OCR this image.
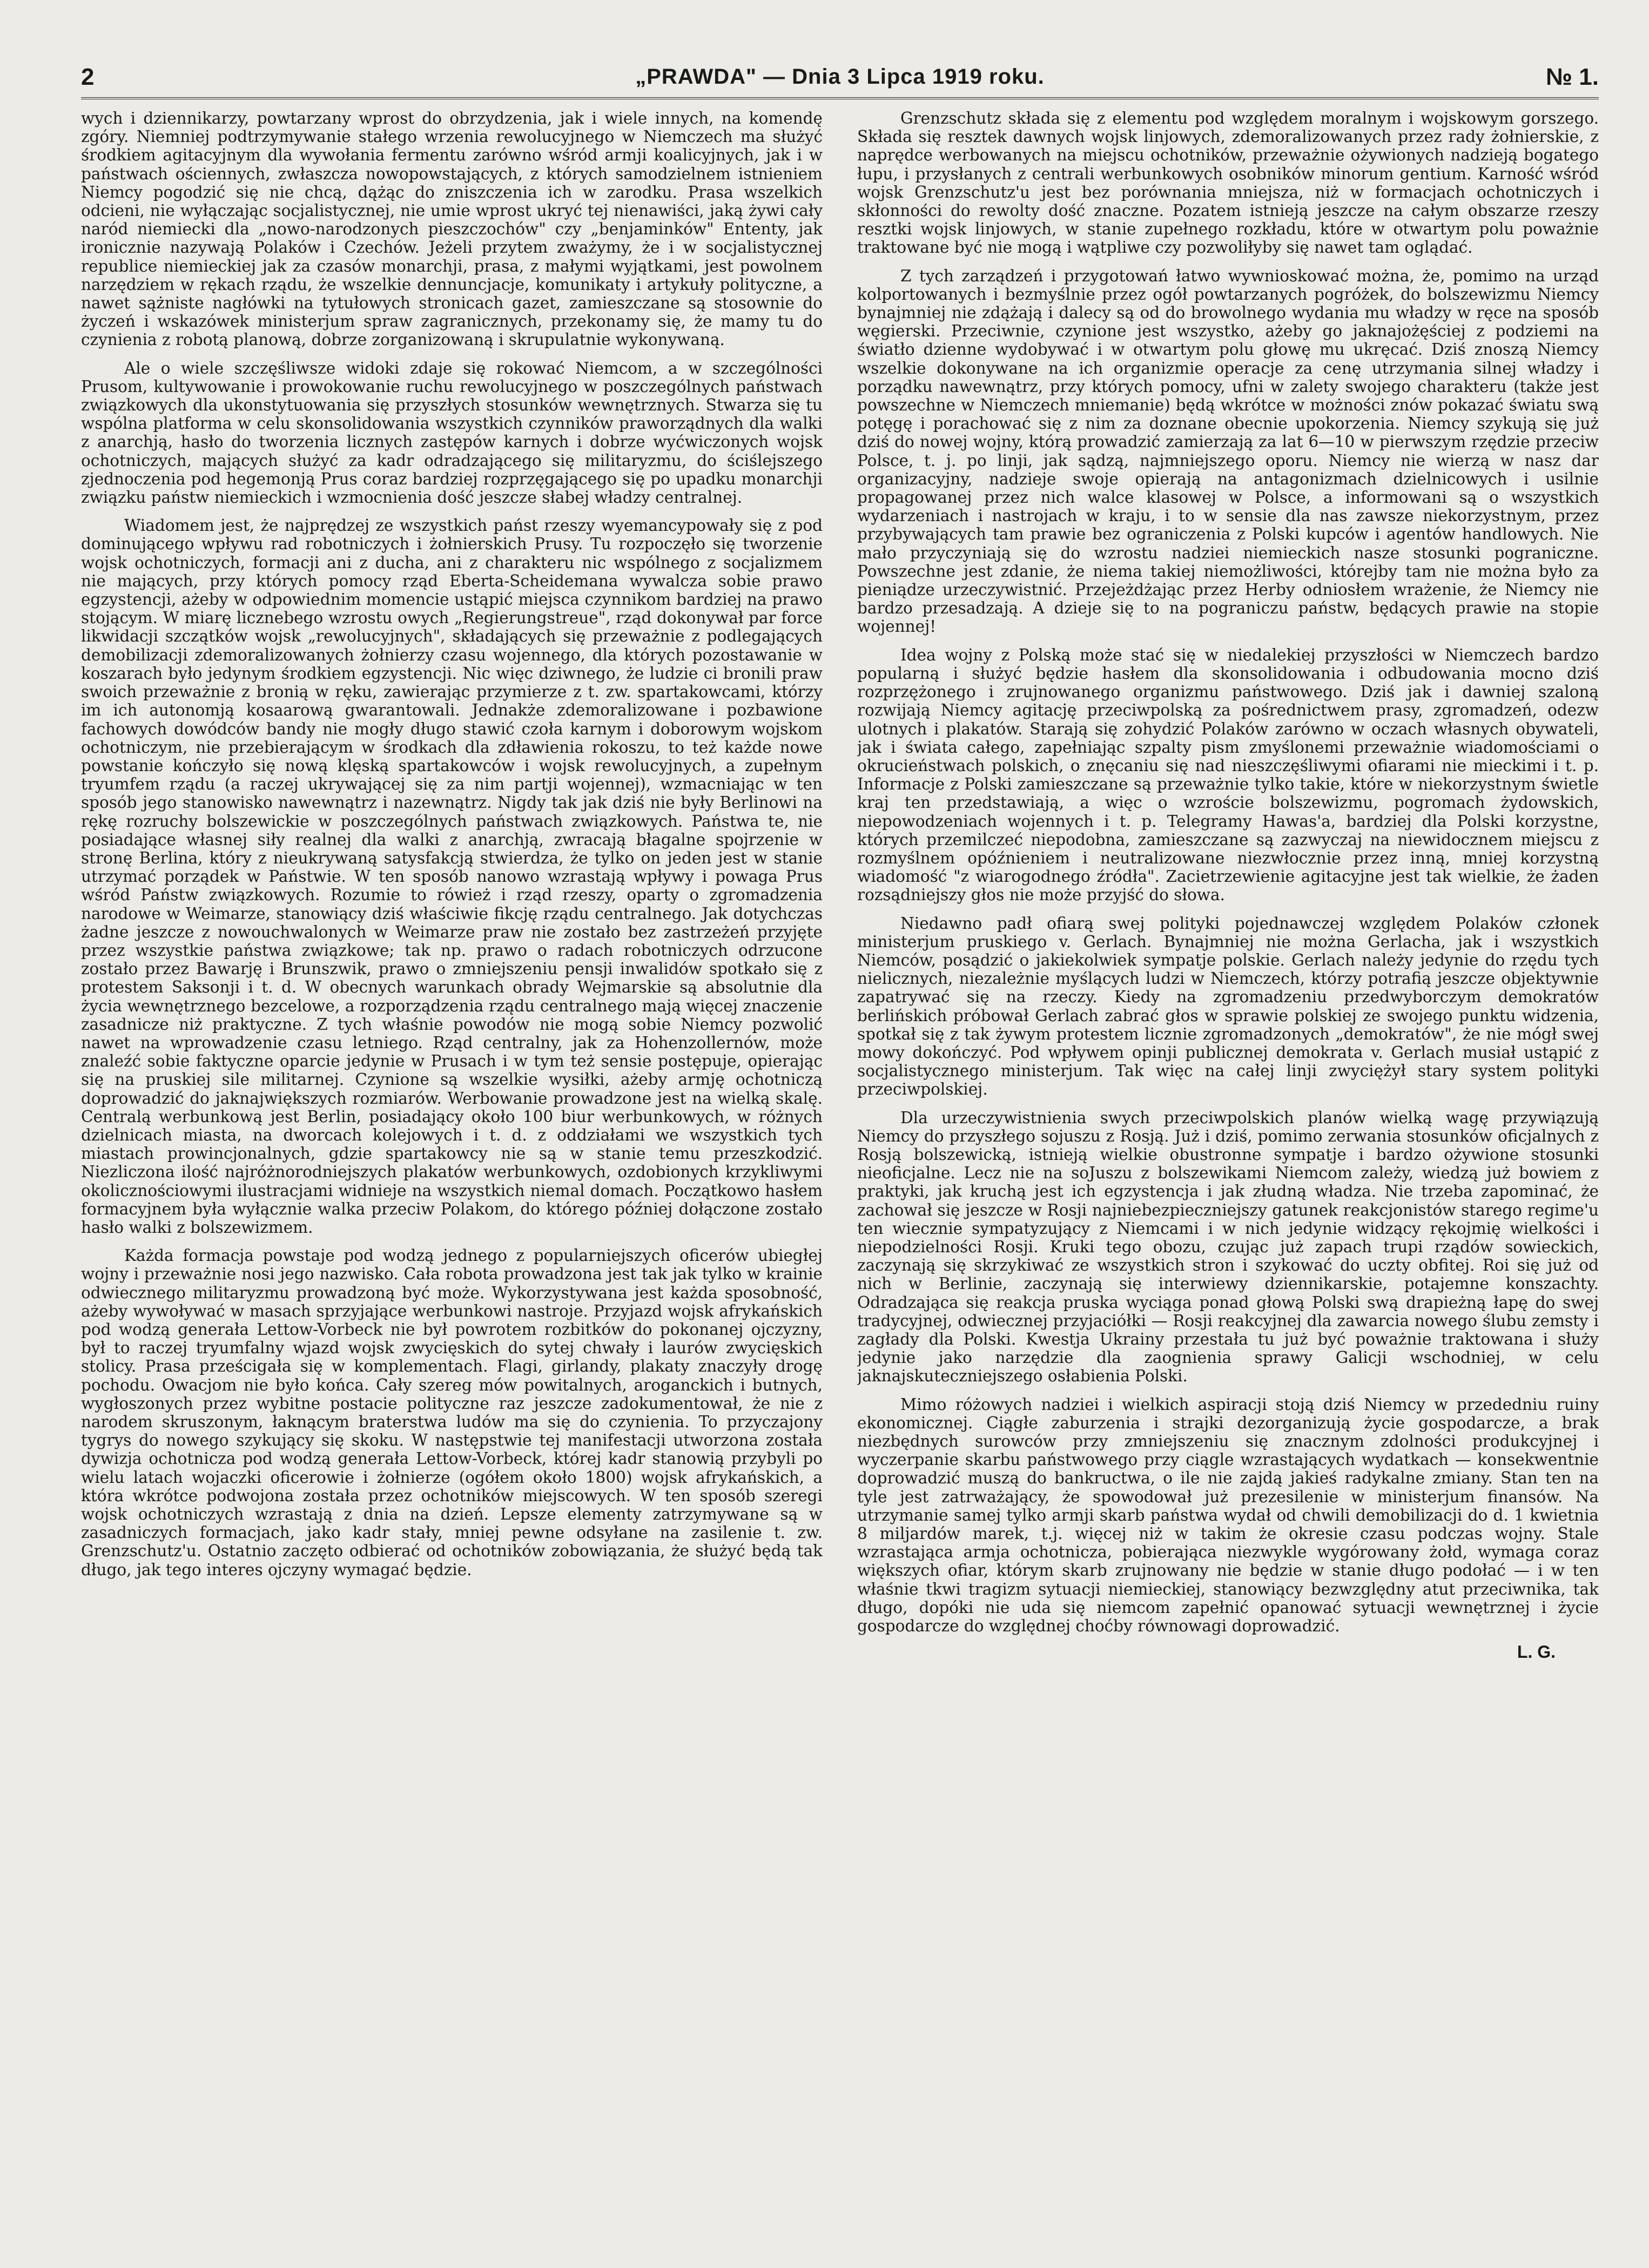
2	„PRAWDA" — Dnia 3 Lipca 1919 roku.	№ 1.

wych i dziennikarzy, powtarzany wprost do obrzydzenia, jak i wiele innych, na komendę zgóry. Niemniej podtrzymywanie stałego wrzenia rewolucyjnego w Niemczech ma służyć środkiem agitacyjnym dla wywołania fermentu zarówno wśród armji koalicyjnych, jak i w państwach ościennych, zwłaszcza nowopowstających, z których samodzielnem istnieniem Niemcy pogodzić się nie chcą, dążąc do zniszczenia ich w zarodku. Prasa wszelkich odcieni, nie wyłączając socjalistycznej, nie umie wprost ukryć tej nienawiści, jaką żywi cały naród niemiecki dla „nowo-narodzonych pieszczochów" czy „benjaminków" Ententy, jak ironicznie nazywają Polaków i Czechów. Jeżeli przytem zważymy, że i w socjalistycznej republice niemieckiej jak za czasów monarchji, prasa, z małymi wyjątkami, jest powolnem narzędziem w rękach rządu, że wszelkie dennuncjacje, komunikaty i artykuły polityczne, a nawet sążniste nagłówki na tytułowych stronicach gazet, zamieszczane są stosownie do życzeń i wskazówek ministerjum spraw zagranicznych, przekonamy się, że mamy tu do czynienia z robotą planową, dobrze zorganizowaną i skrupulatnie wykonywaną.

Ale o wiele szczęśliwsze widoki zdaje się rokować Niemcom, a w szczególności Prusom, kultywowanie i prowokowanie ruchu rewolucyjnego w poszczególnych państwach związkowych dla ukonstytuowania się przyszłych stosunków wewnętrznych. Stwarza się tu wspólna platforma w celu skonsolidowania wszystkich czynników praworządnych dla walki z anarchją, hasło do tworzenia licznych zastępów karnych i dobrze wyćwiczonych wojsk ochotniczych, mających służyć za kadr odradzającego się militaryzmu, do ściślejszego zjednoczenia pod hegemonją Prus coraz bardziej rozprzęgającego się po upadku monarchji związku państw niemieckich i wzmocnienia dość jeszcze słabej władzy centralnej.

Wiadomem jest, że najprędzej ze wszystkich państ rzeszy wyemancypowały się z pod dominującego wpływu rad robotniczych i żołnierskich Prusy. Tu rozpoczęło się tworzenie wojsk ochotniczych, formacji ani z ducha, ani z charakteru nic wspólnego z socjalizmem nie mających, przy których pomocy rząd Eberta-Scheidemana wywalcza sobie prawo egzystencji, ażeby w odpowiednim momencie ustąpić miejsca czynnikom bardziej na prawo stojącym. W miarę licznebego wzrostu owych „Regierungstreue", rząd dokonywał par force likwidacji szczątków wojsk „rewolucyjnych", składających się przeważnie z podlegających demobilizacji zdemoralizowanych żołnierzy czasu wojennego, dla których pozostawanie w koszarach było jedynym środkiem egzystencji. Nic więc dziwnego, że ludzie ci bronili praw swoich przeważnie z bronią w ręku, zawierając przymierze z t. zw. spartakowcami, którzy im ich autonomją kosaarową gwarantowali. Jednakże zdemoralizowane i pozbawione fachowych dowódców bandy nie mogły długo stawić czoła karnym i doborowym wojskom ochotniczym, nie przebierającym w środkach dla zdławienia rokoszu, to też każde nowe powstanie kończyło się nową klęską spartakowców i wojsk rewolucyjnych, a zupełnym tryumfem rządu (a raczej ukrywającej się za nim partji wojennej), wzmacniając w ten sposób jego stanowisko nawewnątrz i nazewnątrz. Nigdy tak jak dziś nie były Berlinowi na rękę rozruchy bolszewickie w poszczególnych państwach związkowych. Państwa te, nie posiadające własnej siły realnej dla walki z anarchją, zwracają błagalne spojrzenie w stronę Berlina, który z nieukrywaną satysfakcją stwierdza, że tylko on jeden jest w stanie utrzymać porządek w Państwie. W ten sposób nanowo wzrastają wpływy i powaga Prus wśród Państw związkowych. Rozumie to rówież i rząd rzeszy, oparty o zgromadzenia narodowe w Weimarze, stanowiący dziś właściwie fikcję rządu centralnego. Jak dotychczas żadne jeszcze z nowouchwalonych w Weimarze praw nie zostało bez zastrzeżeń przyjęte przez wszystkie państwa związkowe; tak np. prawo o radach robotniczych odrzucone zostało przez Bawarję i Brunszwik, prawo o zmniejszeniu pensji inwalidów spotkało się z protestem Saksonji i t. d. W obecnych warunkach obrady Wejmarskie są absolutnie dla życia wewnętrznego bezcelowe, a rozporządzenia rządu centralnego mają więcej znaczenie zasadnicze niż praktyczne. Z tych właśnie powodów nie mogą sobie Niemcy pozwolić nawet na wprowadzenie czasu letniego. Rząd centralny, jak za Hohenzollernów, może znaleźć sobie faktyczne oparcie jedynie w Prusach i w tym też sensie postępuje, opierając się na pruskiej sile militarnej. Czynione są wszelkie wysiłki, ażeby armję ochotniczą doprowadzić do jaknajwiększych rozmiarów. Werbowanie prowadzone jest na wielką skalę. Centralą werbunkową jest Berlin, posiadający około 100 biur werbunkowych, w różnych dzielnicach miasta, na dworcach kolejowych i t. d. z oddziałami we wszystkich tych miastach prowincjonalnych, gdzie spartakowcy nie są w stanie temu przeszkodzić. Niezliczona ilość najróżnorodniejszych plakatów werbunkowych, ozdobionych krzykliwymi okolicznościowymi ilustracjami widnieje na wszystkich niemal domach. Początkowo hasłem formacyjnem była wyłącznie walka przeciw Polakom, do którego później dołączone zostało hasło walki z bolszewizmem.

Każda formacja powstaje pod wodzą jednego z popularniejszych oficerów ubiegłej wojny i przeważnie nosi jego nazwisko. Cała robota prowadzona jest tak jak tylko w krainie odwiecznego militaryzmu prowadzoną być może. Wykorzystywana jest każda sposobność, ażeby wywoływać w masach sprzyjające werbunkowi nastroje. Przyjazd wojsk afrykańskich pod wodzą generała Lettow-Vorbeck nie był powrotem rozbitków do pokonanej ojczyzny, był to raczej tryumfalny wjazd wojsk zwycięskich do sytej chwały i laurów zwycięskich stolicy. Prasa prześcigała się w komplementach. Flagi, girlandy, plakaty znaczyły drogę pochodu. Owacjom nie było końca. Cały szereg mów powitalnych, aroganckich i butnych, wygłoszonych przez wybitne postacie polityczne raz jeszcze zadokumentował, że nie z narodem skruszonym, łaknącym braterstwa ludów ma się do czynienia. To przyczajony tygrys do nowego szykujący się skoku. W następstwie tej manifestacji utworzona została dywizja ochotnicza pod wodzą generała Lettow-Vorbeck, której kadr stanowią przybyli po wielu latach wojaczki oficerowie i żołnierze (ogółem około 1800) wojsk afrykańskich, a która wkrótce podwojona została przez ochotników miejscowych. W ten sposób szeregi wojsk ochotniczych wzrastają z dnia na dzień. Lepsze elementy zatrzymywane są w zasadniczych formacjach, jako kadr stały, mniej pewne odsyłane na zasilenie t. zw. Grenzschutz'u. Ostatnio zaczęto odbierać od ochotników zobowiązania, że służyć będą tak długo, jak tego interes ojczyny wymagać będzie.

Grenzschutz składa się z elementu pod względem moralnym i wojskowym gorszego. Składa się resztek dawnych wojsk linjowych, zdemoralizowanych przez rady żołnierskie, z naprędce werbowanych na miejscu ochotników, przeważnie ożywionych nadzieją bogatego łupu, i przysłanych z centrali werbunkowych osobników minorum gentium. Karność wśród wojsk Grenzschutz'u jest bez porównania mniejsza, niż w formacjach ochotniczych i skłonności do rewolty dość znaczne. Pozatem istnieją jeszcze na całym obszarze rzeszy resztki wojsk linjowych, w stanie zupełnego rozkładu, które w otwartym polu poważnie traktowane być nie mogą i wątpliwe czy pozwoliłyby się nawet tam oglądać.

Z tych zarządzeń i przygotowań łatwo wywnioskować można, że, pomimo na urząd kolportowanych i bezmyślnie przez ogół powtarzanych pogróżek, do bolszewizmu Niemcy bynajmniej nie zdążają i dalecy są od do browolnego wydania mu władzy w ręce na sposób węgierski. Przeciwnie, czynione jest wszystko, ażeby go jaknajożęściej z podziemi na światło dzienne wydobywać i w otwartym polu głowę mu ukręcać. Dziś znoszą Niemcy wszelkie dokonywane na ich organizmie operacje za cenę utrzymania silnej władzy i porządku nawewnątrz, przy których pomocy, ufni w zalety swojego charakteru (także jest powszechne w Niemczech mniemanie) będą wkrótce w możności znów pokazać światu swą potęgę i porachować się z nim za doznane obecnie upokorzenia. Niemcy szykują się już dziś do nowej wojny, którą prowadzić zamierzają za lat 6—10 w pierwszym rzędzie przeciw Polsce, t. j. po linji, jak sądzą, najmniejszego oporu. Niemcy nie wierzą w nasz dar organizacyjny, nadzieje swoje opierają na antagonizmach dzielnicowych i usilnie propagowanej przez nich walce klasowej w Polsce, a informowani są o wszystkich wydarzeniach i nastrojach w kraju, i to w sensie dla nas zawsze niekorzystnym, przez przybywających tam prawie bez ograniczenia z Polski kupców i agentów handlowych. Nie mało przyczyniają się do wzrostu nadziei niemieckich nasze stosunki pograniczne. Powszechne jest zdanie, że niema takiej niemożliwości, którejby tam nie można było za pieniądze urzeczywistnić. Przejeżdżając przez Herby odniosłem wrażenie, że Niemcy nie bardzo przesadzają. A dzieje się to na pograniczu państw, będących prawie na stopie wojennej!

Idea wojny z Polską może stać się w niedalekiej przyszłości w Niemczech bardzo popularną i służyć będzie hasłem dla skonsolidowania i odbudowania mocno dziś rozprzężonego i zrujnowanego organizmu państwowego. Dziś jak i dawniej szaloną rozwijają Niemcy agitację przeciwpolską za pośrednictwem prasy, zgromadzeń, odezw ulotnych i plakatów. Starają się zohydzić Polaków zarówno w oczach własnych obywateli, jak i świata całego, zapełniając szpalty pism zmyślonemi przeważnie wiadomościami o okrucieństwach polskich, o znęcaniu się nad nieszczęśliwymi ofiarami nie mieckimi i t. p. Informacje z Polski zamieszczane są przeważnie tylko takie, które w niekorzystnym świetle kraj ten przedstawiają, a więc o wzroście bolszewizmu, pogromach żydowskich, niepowodzeniach wojennych i t. p. Telegramy Hawas'a, bardziej dla Polski korzystne, których przemilczeć niepodobna, zamieszczane są zazwyczaj na niewidocznem miejscu z rozmyślnem opóźnieniem i neutralizowane niezwłocznie przez inną, mniej korzystną wiadomość "z wiarogodnego źródła". Zacietrzewienie agitacyjne jest tak wielkie, że żaden rozsądniejszy głos nie może przyjść do słowa.

Niedawno padł ofiarą swej polityki pojednawczej względem Polaków członek ministerjum pruskiego v. Gerlach. Bynajmniej nie można Gerlacha, jak i wszystkich Niemców, posądzić o jakiekolwiek sympatje polskie. Gerlach należy jedynie do rzędu tych nielicznych, niezależnie myślących ludzi w Niemczech, którzy potrafią jeszcze objektywnie zapatrywać się na rzeczy. Kiedy na zgromadzeniu przedwyborczym demokratów berlińskich próbował Gerlach zabrać głos w sprawie polskiej ze swojego punktu widzenia, spotkał się z tak żywym protestem licznie zgromadzonych „demokratów", że nie mógł swej mowy dokończyć. Pod wpływem opinji publicznej demokrata v. Gerlach musiał ustąpić z socjalistycznego ministerjum. Tak więc na całej linji zwyciężył stary system polityki przeciwpolskiej.

Dla urzeczywistnienia swych przeciwpolskich planów wielką wagę przywiązują Niemcy do przyszłego sojuszu z Rosją. Już i dziś, pomimo zerwania stosunków oficjalnych z Rosją bolszewicką, istnieją wielkie obustronne sympatje i bardzo ożywione stosunki nieoficjalne. Lecz nie na soJuszu z bolszewikami Niemcom zależy, wiedzą już bowiem z praktyki, jak kruchą jest ich egzystencja i jak złudną władza. Nie trzeba zapominać, że zachował się jeszcze w Rosji najniebezpieczniejszy gatunek reakcjonistów starego regime'u ten wiecznie sympatyzujący z Niemcami i w nich jedynie widzący rękojmię wielkości i niepodzielności Rosji. Kruki tego obozu, czując już zapach trupi rządów sowieckich, zaczynają się skrzykiwać ze wszystkich stron i szykować do uczty obfitej. Roi się już od nich w Berlinie, zaczynają się interwiewy dziennikarskie, potajemne konszachty. Odradzająca się reakcja pruska wyciąga ponad głową Polski swą drapieżną łapę do swej tradycyjnej, odwiecznej przyjaciółki — Rosji reakcyjnej dla zawarcia nowego ślubu zemsty i zagłady dla Polski. Kwestja Ukrainy przestała tu już być poważnie traktowana i służy jedynie jako narzędzie dla zaognienia sprawy Galicji wschodniej, w celu jaknajskuteczniejszego osłabienia Polski.

Mimo różowych nadziei i wielkich aspiracji stoją dziś Niemcy w przededniu ruiny ekonomicznej. Ciągłe zaburzenia i strajki dezorganizują życie gospodarcze, a brak niezbędnych surowców przy zmniejszeniu się znacznym zdolności produkcyjnej i wyczerpanie skarbu państwowego przy ciągle wzrastających wydatkach — konsekwentnie doprowadzić muszą do bankructwa, o ile nie zajdą jakieś radykalne zmiany. Stan ten na tyle jest zatrważający, że spowodował już prezesilenie w ministerjum finansów. Na utrzymanie samej tylko armji skarb państwa wydał od chwili demobilizacji do d. 1 kwietnia 8 miljardów marek, t.j. więcej niż w takim że okresie czasu podczas wojny. Stale wzrastająca armja ochotnicza, pobierająca niezwykle wygórowany żołd, wymaga coraz większych ofiar, którym skarb zrujnowany nie będzie w stanie długo podołać — i w ten właśnie tkwi tragizm sytuacji niemieckiej, stanowiący bezwzględny atut przeciwnika, tak długo, dopóki nie uda się niemcom zapełnić opanować sytuacji wewnętrznej i życie gospodarcze do względnej choćby równowagi doprowadzić.

L. G.
